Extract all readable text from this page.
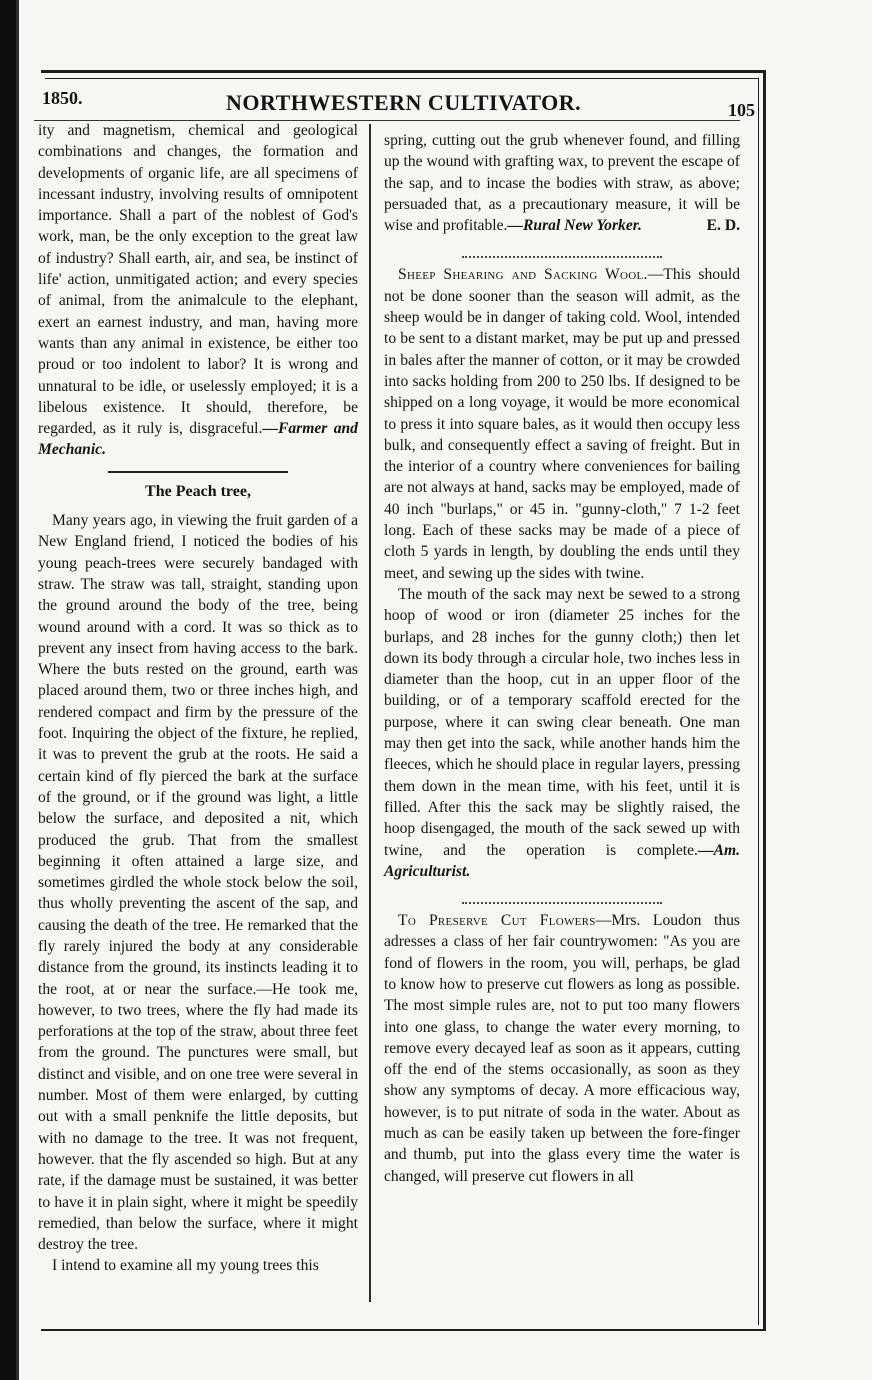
1850.	NORTHWESTERN CULTIVATOR.	105

ity and magnetism, chemical and geological combinations and changes, the formation and developments of organic life, are all specimens of incessant industry, involving results of omnipotent importance. Shall a part of the noblest of God's work, man, be the only exception to the great law of industry? Shall earth, air, and sea, be instinct of life' action, unmitigated action; and every species of animal, from the animalcule to the elephant, exert an earnest industry, and man, having more wants than any animal in existence, be either too proud or too indolent to labor? It is wrong and unnatural to be idle, or uselessly employed; it is a libelous existence. It should, therefore, be regarded, as it ruly is, disgraceful.—Farmer and Mechanic.

The Peach tree,

Many years ago, in viewing the fruit garden of a New England friend, I noticed the bodies of his young peach-trees were securely bandaged with straw. The straw was tall, straight, standing upon the ground around the body of the tree, being wound around with a cord. It was so thick as to prevent any insect from having access to the bark. Where the buts rested on the ground, earth was placed around them, two or three inches high, and rendered compact and firm by the pressure of the foot. Inquiring the object of the fixture, he replied, it was to prevent the grub at the roots. He said a certain kind of fly pierced the bark at the surface of the ground, or if the ground was light, a little below the surface, and deposited a nit, which produced the grub. That from the smallest beginning it often attained a large size, and sometimes girdled the whole stock below the soil, thus wholly preventing the ascent of the sap, and causing the death of the tree. He remarked that the fly rarely injured the body at any considerable distance from the ground, its instincts leading it to the root, at or near the surface.—He took me, however, to two trees, where the fly had made its perforations at the top of the straw, about three feet from the ground. The punctures were small, but distinct and visible, and on one tree were several in number. Most of them were enlarged, by cutting out with a small penknife the little deposits, but with no damage to the tree. It was not frequent, however. that the fly ascended so high. But at any rate, if the damage must be sustained, it was better to have it in plain sight, where it might be speedily remedied, than below the surface, where it might destroy the tree.

I intend to examine all my young trees this

spring, cutting out the grub whenever found, and filling up the wound with grafting wax, to prevent the escape of the sap, and to incase the bodies with straw, as above; persuaded that, as a precautionary measure, it will be wise and profitable.—Rural New Yorker.	E. D.

Sheep Shearing and Sacking Wool.—This should not be done sooner than the season will admit, as the sheep would be in danger of taking cold. Wool, intended to be sent to a distant market, may be put up and pressed in bales after the manner of cotton, or it may be crowded into sacks holding from 200 to 250 lbs. If designed to be shipped on a long voyage, it would be more economical to press it into square bales, as it would then occupy less bulk, and consequently effect a saving of freight. But in the interior of a country where conveniences for bailing are not always at hand, sacks may be employed, made of 40 inch "burlaps," or 45 in. "gunny-cloth," 7 1-2 feet long. Each of these sacks may be made of a piece of cloth 5 yards in length, by doubling the ends until they meet, and sewing up the sides with twine.

The mouth of the sack may next be sewed to a strong hoop of wood or iron (diameter 25 inches for the burlaps, and 28 inches for the gunny cloth;) then let down its body through a circular hole, two inches less in diameter than the hoop, cut in an upper floor of the building, or of a temporary scaffold erected for the purpose, where it can swing clear beneath. One man may then get into the sack, while another hands him the fleeces, which he should place in regular layers, pressing them down in the mean time, with his feet, until it is filled. After this the sack may be slightly raised, the hoop disengaged, the mouth of the sack sewed up with twine, and the operation is complete.—Am. Agriculturist.

To Preserve Cut Flowers—Mrs. Loudon thus adresses a class of her fair countrywomen: "As you are fond of flowers in the room, you will, perhaps, be glad to know how to preserve cut flowers as long as possible. The most simple rules are, not to put too many flowers into one glass, to change the water every morning, to remove every decayed leaf as soon as it appears, cutting off the end of the stems occasionally, as soon as they show any symptoms of decay. A more efficacious way, however, is to put nitrate of soda in the water. About as much as can be easily taken up between the fore-finger and thumb, put into the glass every time the water is changed, will preserve cut flowers in all
